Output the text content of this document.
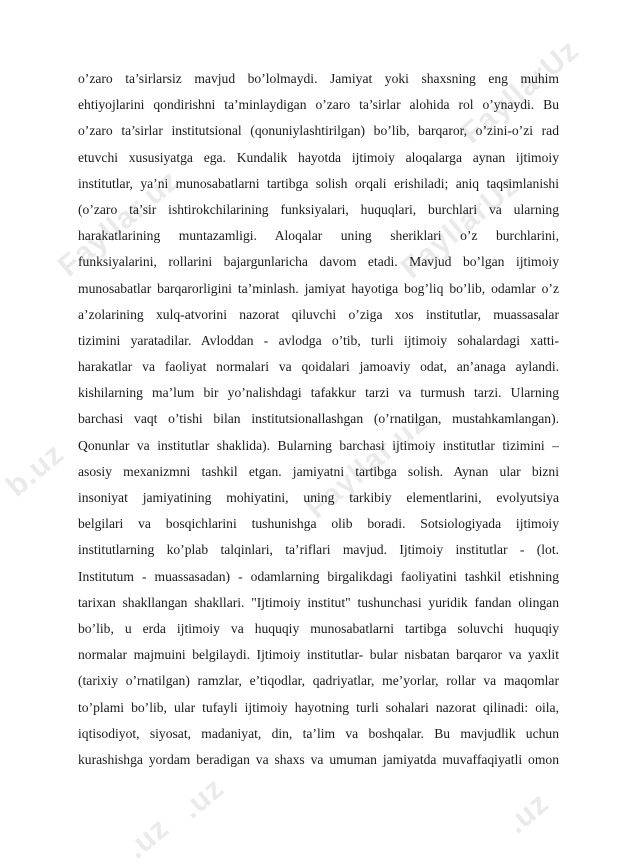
FayllarUz
FayllarUz
Fayllar.uz
b.uz	Fayllar.uz
.uz
.uz	.uz
o’zaro ta’sirlarsiz mavjud bo’lolmaydi. Jamiyat yoki shaxsning eng muhim
ehtiyojlarini qondirishni ta’minlaydigan o’zaro ta’sirlar alohida rol o’ynaydi. Bu
o’zaro ta’sirlar institutsional (qonuniylashtirilgan) bo’lib, barqaror, o’zini-o’zi rad
etuvchi xususiyatga ega. Kundalik hayotda ijtimoiy aloqalarga aynan ijtimoiy
institutlar, ya’ni munosabatlarni tartibga solish orqali erishiladi; aniq taqsimlanishi
(o’zaro ta’sir ishtirokchilarining funksiyalari, huquqlari, burchlari va ularning
harakatlarining muntazamligi. Aloqalar uning sheriklari o’z burchlarini,
funksiyalarini, rollarini bajargunlaricha davom etadi. Mavjud bo’lgan ijtimoiy
munosabatlar barqarorligini ta’minlash. jamiyat hayotiga bog’liq bo’lib, odamlar o’z
a’zolarining xulq-atvorini nazorat qiluvchi o’ziga xos institutlar, muassasalar
tizimini yaratadilar. Avloddan - avlodga o’tib, turli ijtimoiy sohalardagi xatti-
harakatlar va faoliyat normalari va qoidalari jamoaviy odat, an’anaga aylandi.
kishilarning ma’lum bir yo’nalishdagi tafakkur tarzi va turmush tarzi. Ularning
barchasi vaqt o’tishi bilan institutsionallashgan (o’rnatilgan, mustahkamlangan).
Qonunlar va institutlar shaklida). Bularning barchasi ijtimoiy institutlar tizimini –
asosiy mexanizmni tashkil etgan. jamiyatni tartibga solish. Aynan ular bizni
insoniyat jamiyatining mohiyatini, uning tarkibiy elementlarini, evolyutsiya
belgilari va bosqichlarini tushunishga olib boradi. Sotsiologiyada ijtimoiy
institutlarning ko’plab talqinlari, ta’riflari mavjud. Ijtimoiy institutlar - (lot.
Institutum - muassasadan) - odamlarning birgalikdagi faoliyatini tashkil etishning
tarixan shakllangan shakllari. "Ijtimoiy institut" tushunchasi yuridik fandan olingan
bo’lib, u erda ijtimoiy va huquqiy munosabatlarni tartibga soluvchi huquqiy
normalar majmuini belgilaydi. Ijtimoiy institutlar- bular nisbatan barqaror va yaxlit
(tarixiy o’rnatilgan) ramzlar, e’tiqodlar, qadriyatlar, me’yorlar, rollar va maqomlar
to’plami bo’lib, ular tufayli ijtimoiy hayotning turli sohalari nazorat qilinadi: oila,
iqtisodiyot, siyosat, madaniyat, din, ta’lim va boshqalar. Bu mavjudlik uchun
kurashishga yordam beradigan va shaxs va umuman jamiyatda muvaffaqiyatli omon
